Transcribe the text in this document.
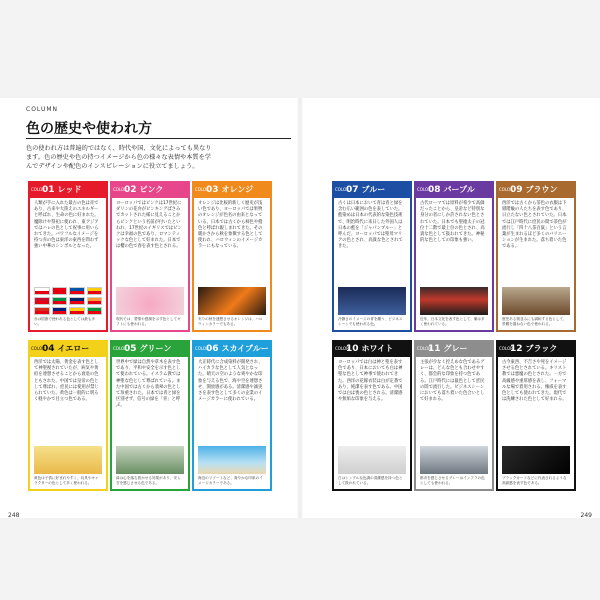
COLUMN
色の歴史や使われ方
色の使われ方は普遍的ではなく、時代や国、文化によっても異なります。色の歴史や色の持つイメージから色の様々な表情や本質を学んでデザインや配色のインスピレーションに役立てましょう。
COLOR
01 レッド
人類が手に入れた最古の色は赤であり、古来や大陸えのエネルギーと呼ばれ、生命の色に好まれた。魔除けや祭祀に使われ、東アジアではハレの色として祝事に用いられてきた。バワフルなイメージを持つ赤の色は東洋の東西を問わず強い中華のシンボルとなった。
赤は国旗で使われる色としては最も多い。
COLOR
02 ピンク
ヨーロッパではピンクは17世紀にダリンの花弁がピンキングばさみでカットされた様に見えることからピンクという名前が付いたといわれ、17世紀のイギリスではピンクは幸福の色であり、ロマンティックな色として好まれた。日本では櫻の色で春を表す色とされる。
現代では、愛情や感謝を示す色としてギフトにも使われる。
COLOR
03 オレンジ
オレンジは比較的新しく歴史が浅い色であり、ヨーロッパでは果物のオレンジが色名の由来となっている。日本では古くから柿色や橙色と呼ばれ親しまれてきた。その暖かさから秋を象徴する色として使われ、ハロウィンのイメージカラーにもなっている。
実りの秋を連想させるオレンジは、ハロウィンカラーでもある。
COLOR
04 イエロー
西洋では太陽、黄金を表す色として神聖視されていたが、病気や黄疸を連想させることから衰退の色ともされた。中国では皇帝の色として尊ばれ、庶民には使用が禁じられていた。黄色は一般的に明るく軽やかで目立つ色である。
黄色は子供に好まれやすく、玩具やキャラクターの色として多く使われる。
COLOR
05 グリーン
世界中で緑は自然や草木を表す色であり、平和や安全を示す色として使われている。イスラム教では神聖な色として尊ばれている。また中国では古くから翡翠の色として珍重された。日本では青と緑を区別せず、信号の緑を「青」と呼ぶ。
緑は心を落ち着かせる効果があり、安らぎを感じさせる色である。
COLOR
06 スカイブルー
大正時代に合成染料が開発され、ハイカラな色として人気となった。晴天の空のような爽やかな印象を与える色で、海や空を連想させ、開放感がある。清潔感や誠実さを表す色として多くの企業のイメージカラーに使われている。
海辺のリゾートなど、爽やかな印象のイメージカラーである。
COLOR
07 ブルー
古くは日本において青は青と緑を含む広い範囲の色を表していた。藍染めは日本の代表的な染色技術で、明治時代に来日した外国人は日本の藍を「ジャパンブルー」と呼んだ。ヨーロッパでは聖母マリアの色とされ、高貴な色とされてきた。
冷静さのイメージの青を纏う、ビジネスシーンでも使われる色。
COLOR
08 パープル
古代ローマでは原料が希少で高価だったことから、皇帝など特別な身分の者にしか許されない色とされていた。日本でも聖徳太子の冠位十二階で最上位の色とされ、高貴な色として扱われてきた。神秘的な色としての印象も強い。
近年、日本文化を表す色として、紫は多く使われている。
COLOR
09 ブラウン
西洋では古くから茶色の衣服は下層階級の人たちを表す色であり、日立たない色とされていた。日本では江戸時代に庶民の間で茶色が流行し「四十八茶百鼠」という言葉が生まれるほど多くのバリエーションが生まれた。落ち着いた色である。
歴史ある街並みにも調和する色として、景観を損ねない色で使われる。
COLOR
10 ホワイト
ヨーロッパでは白は神と聖を表す色であり、日本においても白は神聖な色として神事で使われてきた。西洋の花嫁衣装は白が定番であり、純潔を表す色である。中国では白は喪の色とされる。清潔感や無垢な印象を与える。
白はシンプルな色調の清潔感を持つ色として扱われている。
COLOR
11 グレー
主張が少なく控えめな色であるグレーは、どんな色とも合わせやすく、都会的な印象を持つ色である。江戸時代には鼠色として庶民の間で流行した。ビジネスシーンにおいても落ち着いた色合いとして好まれる。
都市を感じさせるグレーはインフラの色としても使われる。
COLOR
12 ブラック
古今東西、不吉さや死をイメージさせる色とされている。キリスト教では悪魔の色とされた。一方で高級感や重厚感を表し、フォーマルな場で着用される。権威を表す色としても使われてきた。現代では洗練された色として好まれる。
ブラックカードなどに代表されるような高級感を表す色である。
248	249
